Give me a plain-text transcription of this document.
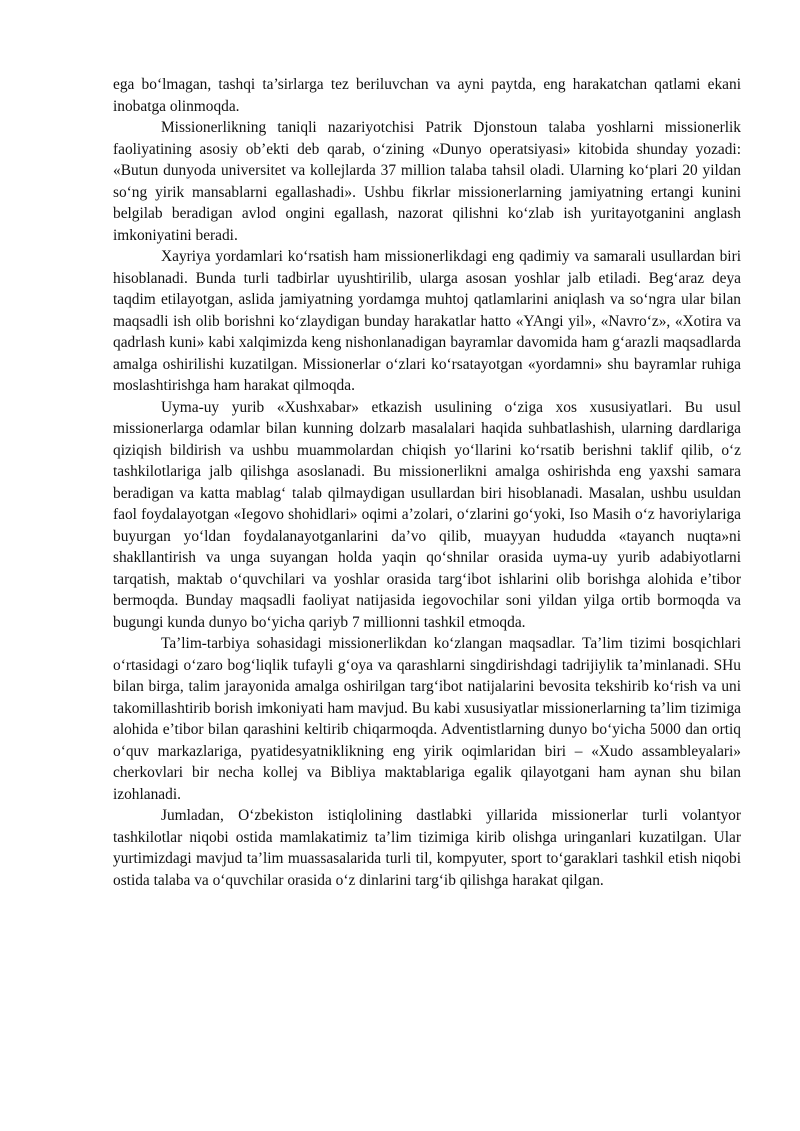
ega bo‘lmagan, tashqi ta’sirlarga tez beriluvchan va ayni paytda, eng harakatchan qatlami ekani inobatga olinmoqda.

Missionerlikning taniqli nazariyotchisi Patrik Djonstoun talaba yoshlarni missionerlik faoliyatining asosiy ob’ekti deb qarab, o‘zining «Dunyo operatsiyasi» kitobida shunday yozadi: «Butun dunyoda universitet va kollejlarda 37 million talaba tahsil oladi. Ularning ko‘plari 20 yildan so‘ng yirik mansablarni egallashadi». Ushbu fikrlar missionerlarning jamiyatning ertangi kunini belgilab beradigan avlod ongini egallash, nazorat qilishni ko‘zlab ish yuritayotganini anglash imkoniyatini beradi.

Xayriya yordamlari ko‘rsatish ham missionerlikdagi eng qadimiy va samarali usullardan biri hisoblanadi. Bunda turli tadbirlar uyushtirilib, ularga asosan yoshlar jalb etiladi. Beg‘araz deya taqdim etilayotgan, aslida jamiyatning yordamga muhtoj qatlamlarini aniqlash va so‘ngra ular bilan maqsadli ish olib borishni ko‘zlaydigan bunday harakatlar hatto «YAngi yil», «Navro‘z», «Xotira va qadrlash kuni» kabi xalqimizda keng nishonlanadigan bayramlar davomida ham g‘arazli maqsadlarda amalga oshirilishi kuzatilgan. Missionerlar o‘zlari ko‘rsatayotgan «yordamni» shu bayramlar ruhiga moslashtirishga ham harakat qilmoqda.

Uyma-uy yurib «Xushxabar» etkazish usulining o‘ziga xos xususiyatlari. Bu usul missionerlarga odamlar bilan kunning dolzarb masalalari haqida suhbatlashish, ularning dardlariga qiziqish bildirish va ushbu muammolardan chiqish yo‘llarini ko‘rsatib berishni taklif qilib, o‘z tashkilotlariga jalb qilishga asoslanadi. Bu missionerlikni amalga oshirishda eng yaxshi samara beradigan va katta mablag‘ talab qilmaydigan usullardan biri hisoblanadi. Masalan, ushbu usuldan faol foydalayotgan «Iegovo shohidlari» oqimi a’zolari, o‘zlarini go‘yoki, Iso Masih o‘z havoriylariga buyurgan yo‘ldan foydalanayotganlarini da’vo qilib, muayyan hududda «tayanch nuqta»ni shakllantirish va unga suyangan holda yaqin qo‘shnilar orasida uyma-uy yurib adabiyotlarni tarqatish, maktab o‘quvchilari va yoshlar orasida targ‘ibot ishlarini olib borishga alohida e’tibor bermoqda. Bunday maqsadli faoliyat natijasida iegovochilar soni yildan yilga ortib bormoqda va bugungi kunda dunyo bo‘yicha qariyb 7 millionni tashkil etmoqda.

Ta’lim-tarbiya sohasidagi missionerlikdan ko‘zlangan maqsadlar. Ta’lim tizimi bosqichlari o‘rtasidagi o‘zaro bog‘liqlik tufayli g‘oya va qarashlarni singdirishdagi tadrijiylik ta’minlanadi. SHu bilan birga, talim jarayonida amalga oshirilgan targ‘ibot natijalarini bevosita tekshirib ko‘rish va uni takomillashtirib borish imkoniyati ham mavjud. Bu kabi xususiyatlar missionerlarning ta’lim tizimiga alohida e’tibor bilan qarashini keltirib chiqarmoqda. Adventistlarning dunyo bo‘yicha 5000 dan ortiq o‘quv markazlariga, pyatidesyatniklikning eng yirik oqimlaridan biri – «Xudo assambleyalari» cherkovlari bir necha kollej va Bibliya maktablariga egalik qilayotgani ham aynan shu bilan izohlanadi.

Jumladan, O‘zbekiston istiqlolining dastlabki yillarida missionerlar turli volantyor tashkilotlar niqobi ostida mamlakatimiz ta’lim tizimiga kirib olishga uringanlari kuzatilgan. Ular yurtimizdagi mavjud ta’lim muassasalarida turli til, kompyuter, sport to‘garaklari tashkil etish niqobi ostida talaba va o‘quvchilar orasida o‘z dinlarini targ‘ib qilishga harakat qilgan.
